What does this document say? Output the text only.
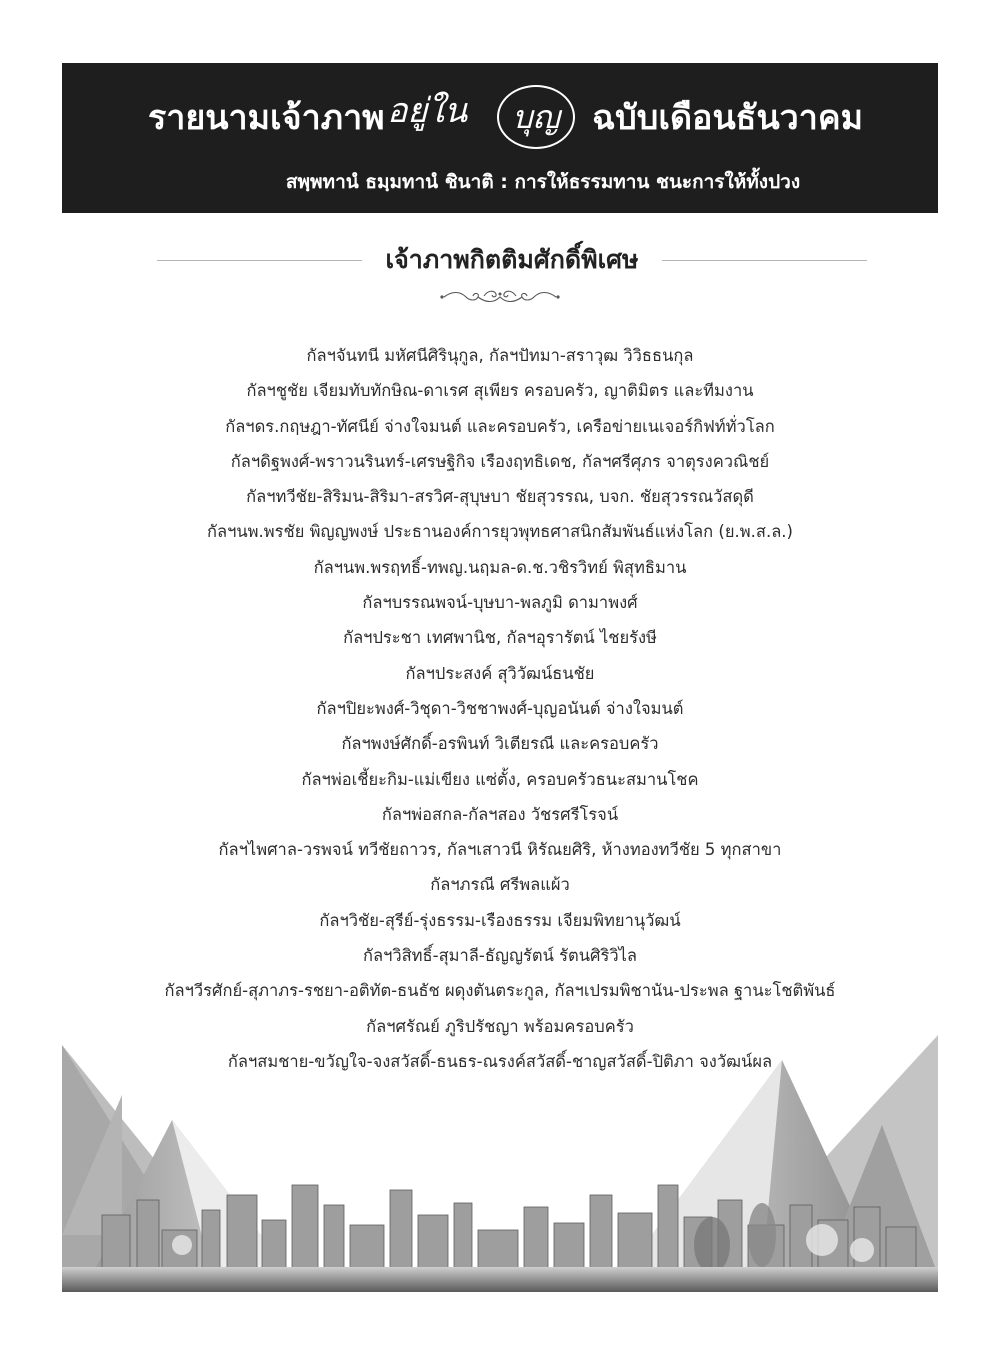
รายนามเจ้าภาพ อยู่ใน	บุญ ฉบับเดือนธันวาคม
สพฺพทานํ ธมฺมทานํ ชินาติ : การให้ธรรมทาน ชนะการให้ทั้งปวง
เจ้าภาพกิตติมศักดิ์พิเศษ
กัลฯจันทนี มหัศนีศิรินุกูล, กัลฯปัทมา-สราวุฒ วิวิธธนกุล
กัลฯชูชัย เจียมทับทักษิณ-ดาเรศ สุเพียร ครอบครัว, ญาติมิตร และทีมงาน
กัลฯดร.กฤษฎา-ทัศนีย์ จ่างใจมนต์ และครอบครัว, เครือข่ายเนเจอร์กิฟท์ทั่วโลก
กัลฯดิฐพงศ์-พราวนรินทร์-เศรษฐิกิจ เรืองฤทธิเดช, กัลฯศรีศุภร จาตุรงควณิชย์
กัลฯทวีชัย-สิริมน-สิริมา-สรวิศ-สุบุษบา ชัยสุวรรณ, บจก. ชัยสุวรรณวัสดุดี
กัลฯนพ.พรชัย พิญญพงษ์ ประธานองค์การยุวพุทธศาสนิกสัมพันธ์แห่งโลก (ย.พ.ส.ล.)
กัลฯนพ.พรฤทธิ์-ทพญ.นฤมล-ด.ช.วชิรวิทย์ พิสุทธิมาน
กัลฯบรรณพจน์-บุษบา-พลภูมิ ดามาพงศ์
กัลฯประชา เทศพานิช, กัลฯอุรารัตน์ ไชยรังษี
กัลฯประสงค์ สุวิวัฒน์ธนชัย
กัลฯปิยะพงศ์-วิชุดา-วิชชาพงศ์-บุญอนันต์ จ่างใจมนต์
กัลฯพงษ์ศักดิ์-อรพินท์ วิเตียรณี และครอบครัว
กัลฯพ่อเชี้ยะกิม-แม่เขียง แซ่ตั้ง, ครอบครัวธนะสมานโชค
กัลฯพ่อสกล-กัลฯสอง วัชรศรีโรจน์
กัลฯไพศาล-วรพจน์ ทวีชัยถาวร, กัลฯเสาวนี หิรัณยศิริ, ห้างทองทวีชัย 5 ทุกสาขา
กัลฯภรณี ศรีพลแผ้ว
กัลฯวิชัย-สุรีย์-รุ่งธรรม-เรืองธรรม เจียมพิทยานุวัฒน์
กัลฯวิสิทธิ์-สุมาลี-ธัญญรัตน์ รัตนศิริวิไล
กัลฯวีรศักย์-สุภาภร-รชยา-อติทัต-ธนธัช ผดุงตันตระกูล, กัลฯเปรมพิชานัน-ประพล ฐานะโชติพันธ์
กัลฯศรัณย์ ภูริปรัชญา พร้อมครอบครัว
กัลฯสมชาย-ขวัญใจ-จงสวัสดิ์-ธนธร-ณรงค์สวัสดิ์-ชาญสวัสดิ์-ปิติภา จงวัฒน์ผล
